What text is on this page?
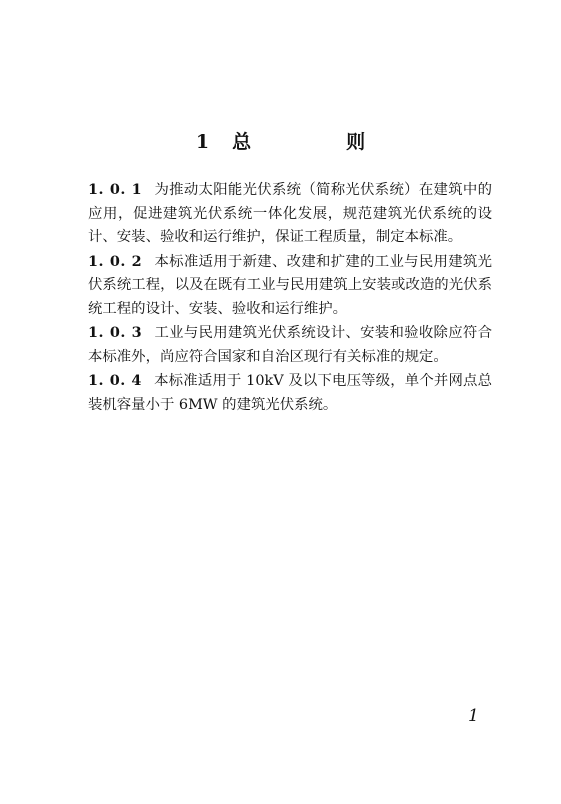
1 总　则

1. 0. 1 为推动太阳能光伏系统（简称光伏系统）在建筑中的应用，促进建筑光伏系统一体化发展，规范建筑光伏系统的设计、安装、验收和运行维护，保证工程质量，制定本标准。

1. 0. 2 本标准适用于新建、改建和扩建的工业与民用建筑光伏系统工程，以及在既有工业与民用建筑上安装或改造的光伏系统工程的设计、安装、验收和运行维护。

1. 0. 3 工业与民用建筑光伏系统设计、安装和验收除应符合本标准外，尚应符合国家和自治区现行有关标准的规定。

1. 0. 4 本标准适用于 10kV 及以下电压等级，单个并网点总装机容量小于 6MW 的建筑光伏系统。

1
